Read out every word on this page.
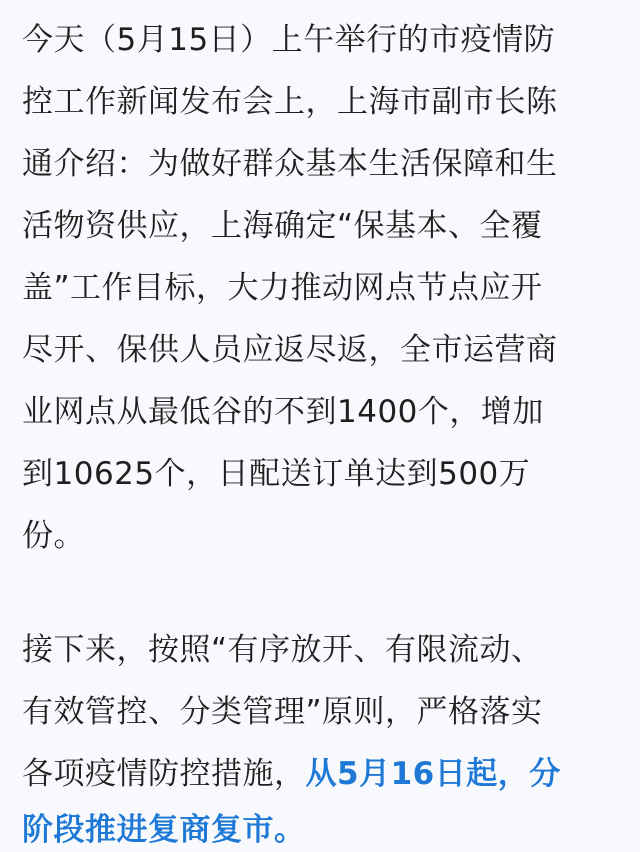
今天（5月15日）上午举行的市疫情防
控工作新闻发布会上，上海市副市长陈
通介绍：为做好群众基本生活保障和生
活物资供应，上海确定“保基本、全覆
盖”工作目标，大力推动网点节点应开
尽开、保供人员应返尽返，全市运营商
业网点从最低谷的不到1400个，增加
到10625个，日配送订单达到500万
份。
接下来，按照“有序放开、有限流动、
有效管控、分类管理”原则，严格落实
各项疫情防控措施，从5月16日起，分
阶段推进复商复市。
